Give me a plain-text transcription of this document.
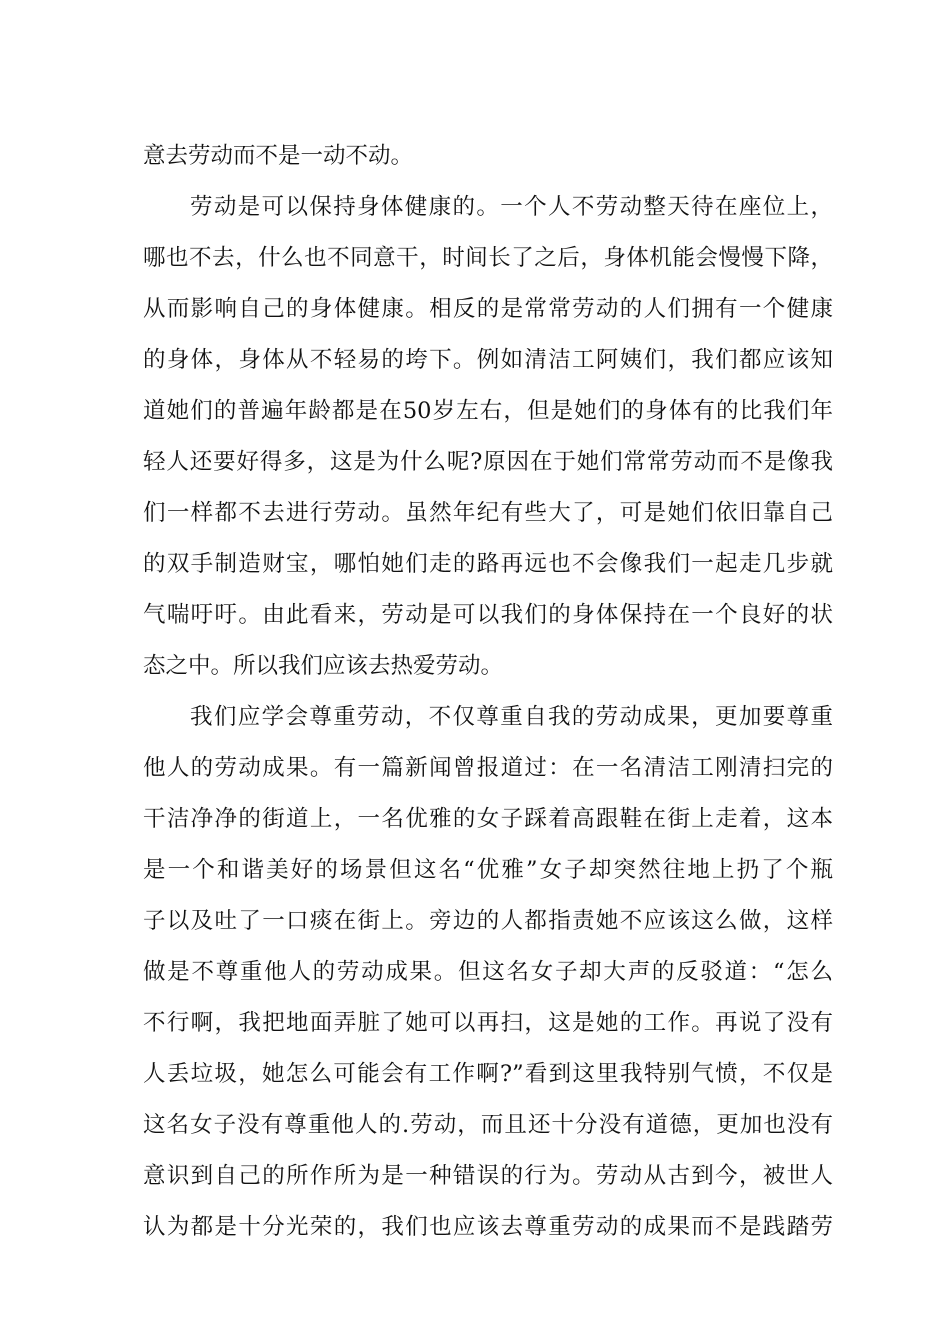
意去劳动而不是一动不动。
劳动是可以保持身体健康的。一个人不劳动整天待在座位上，
哪也不去，什么也不同意干，时间长了之后，身体机能会慢慢下降，
从而影响自己的身体健康。相反的是常常劳动的人们拥有一个健康
的身体，身体从不轻易的垮下。例如清洁工阿姨们，我们都应该知
道她们的普遍年龄都是在50岁左右，但是她们的身体有的比我们年
轻人还要好得多，这是为什么呢?原因在于她们常常劳动而不是像我
们一样都不去进行劳动。虽然年纪有些大了，可是她们依旧靠自己
的双手制造财宝，哪怕她们走的路再远也不会像我们一起走几步就
气喘吁吁。由此看来，劳动是可以我们的身体保持在一个良好的状
态之中。所以我们应该去热爱劳动。
我们应学会尊重劳动，不仅尊重自我的劳动成果，更加要尊重
他人的劳动成果。有一篇新闻曾报道过：在一名清洁工刚清扫完的
干洁净净的街道上，一名优雅的女子踩着高跟鞋在街上走着，这本
是一个和谐美好的场景但这名“优雅”女子却突然往地上扔了个瓶
子以及吐了一口痰在街上。旁边的人都指责她不应该这么做，这样
做是不尊重他人的劳动成果。但这名女子却大声的反驳道：“怎么
不行啊，我把地面弄脏了她可以再扫，这是她的工作。再说了没有
人丢垃圾，她怎么可能会有工作啊?”看到这里我特别气愤，不仅是
这名女子没有尊重他人的.劳动，而且还十分没有道德，更加也没有
意识到自己的所作所为是一种错误的行为。劳动从古到今，被世人
认为都是十分光荣的，我们也应该去尊重劳动的成果而不是践踏劳
